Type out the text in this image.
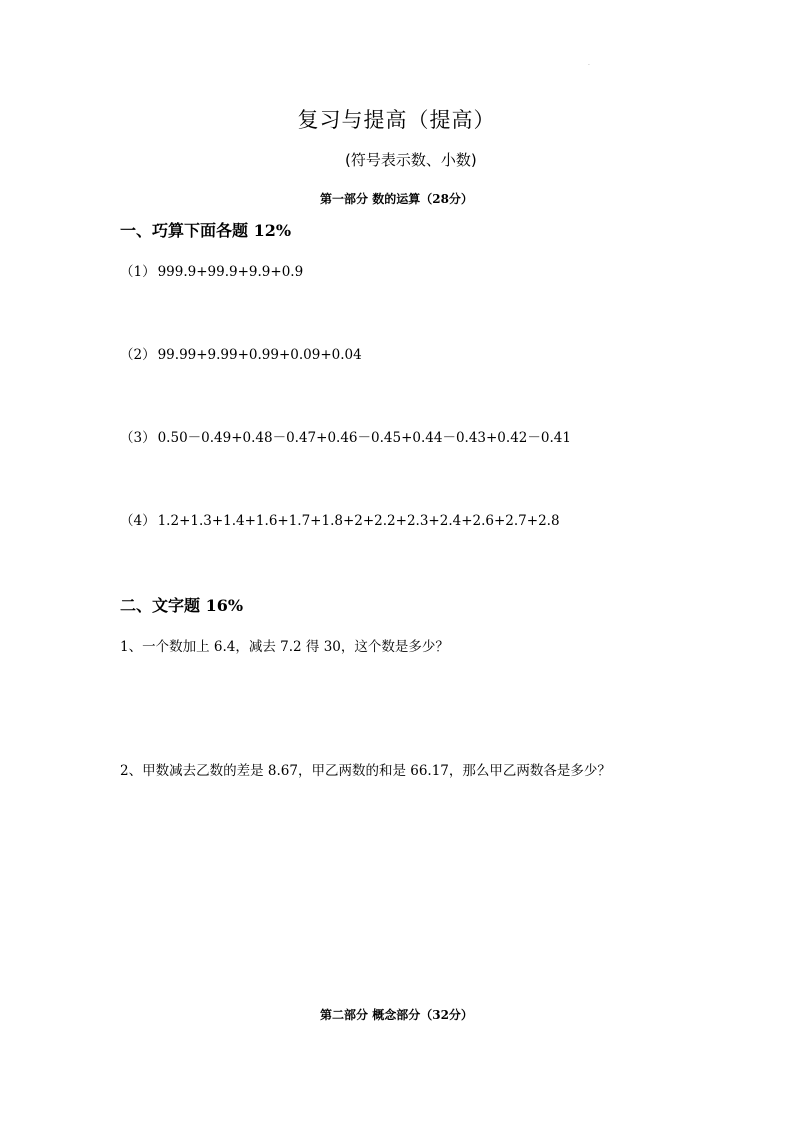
·
复习与提高（提高）
(符号表示数、小数)
第一部分 数的运算（28分）
一、巧算下面各题 12%
（1） 999.9+99.9+9.9+0.9
（2） 99.99+9.99+0.99+0.09+0.04
（3） 0.50－0.49+0.48－0.47+0.46－0.45+0.44－0.43+0.42－0.41
（4） 1.2+1.3+1.4+1.6+1.7+1.8+2+2.2+2.3+2.4+2.6+2.7+2.8
二、文字题 16%
1、一个数加上 6.4，减去 7.2 得 30，这个数是多少？
2、甲数减去乙数的差是 8.67，甲乙两数的和是 66.17，那么甲乙两数各是多少？
第二部分 概念部分（32分）
